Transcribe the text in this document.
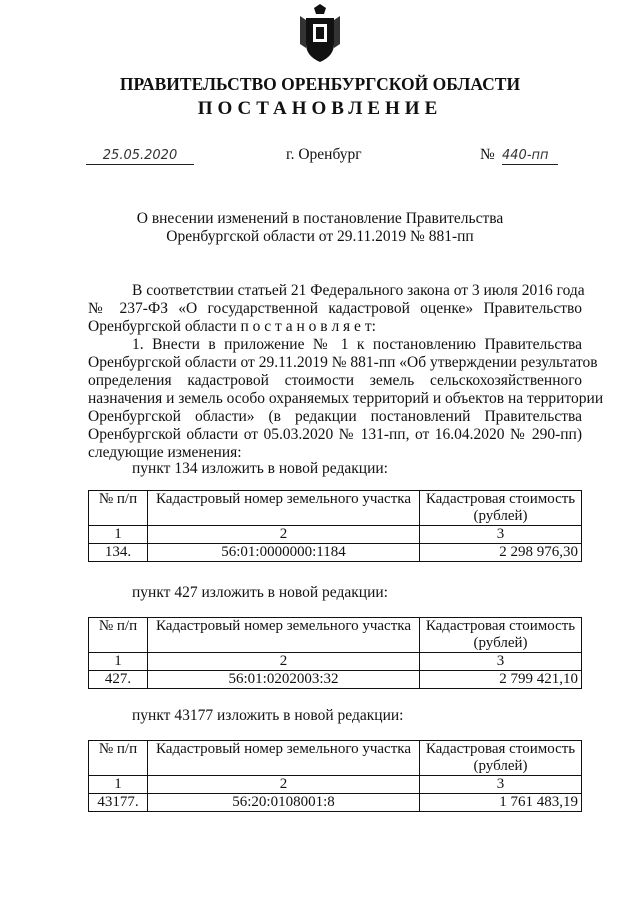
ПРАВИТЕЛЬСТВО ОРЕНБУРГСКОЙ ОБЛАСТИ
ПОСТАНОВЛЕНИЕ
25.05.2020	г. Оренбург	№ 440-пп
О внесении изменений в постановление Правительства
Оренбургской области от 29.11.2019 № 881-пп
В соответствии статьей 21 Федерального закона от 3 июля 2016 года
№ 237-ФЗ «О государственной кадастровой оценке» Правительство
Оренбургской области п о с т а н о в л я е т:
1. Внести в приложение № 1 к постановлению Правительства
Оренбургской области от 29.11.2019 № 881-пп «Об утверждении результатов
определения кадастровой стоимости земель сельскохозяйственного
назначения и земель особо охраняемых территорий и объектов на территории
Оренбургской области» (в редакции постановлений Правительства
Оренбургской области от 05.03.2020 № 131-пп, от 16.04.2020 № 290-пп)
следующие изменения:
пункт 134 изложить в новой редакции:
№ п/п	Кадастровый номер земельного участка	Кадастровая стоимость (рублей)
1	2	3
134.	56:01:0000000:1184	2 298 976,30
пункт 427 изложить в новой редакции:
№ п/п	Кадастровый номер земельного участка	Кадастровая стоимость (рублей)
1	2	3
427.	56:01:0202003:32	2 799 421,10
пункт 43177 изложить в новой редакции:
№ п/п	Кадастровый номер земельного участка	Кадастровая стоимость (рублей)
1	2	3
43177.	56:20:0108001:8	1 761 483,19
